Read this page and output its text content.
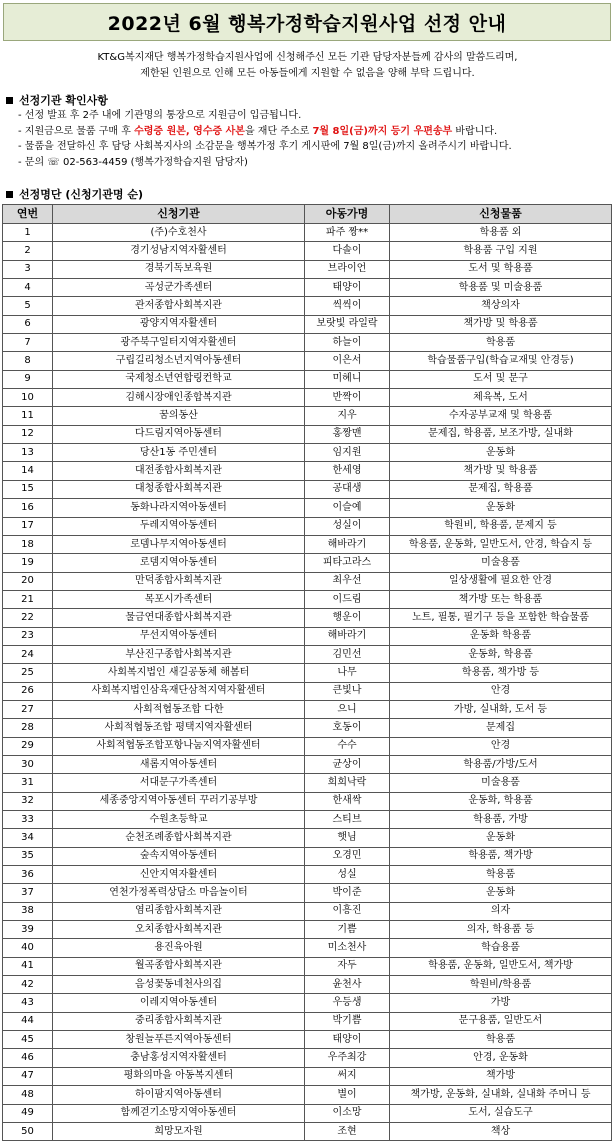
2022년 6월 행복가정학습지원사업 선정 안내
KT&G복지재단 행복가정학습지원사업에 신청해주신 모든 기관 담당자분들께 감사의 말씀드리며,
제한된 인원으로 인해 모든 아동들에게 지원할 수 없음을 양해 부탁 드립니다.
선정기관 확인사항
- 선정 발표 후 2주 내에 기관명의 통장으로 지원금이 입금됩니다.
- 지원금으로 물품 구매 후 수령증 원본, 영수증 사본을 재단 주소로 7월 8일(금)까지 등기 우편송부 바랍니다.
- 물품을 전달하신 후 담당 사회복지사의 소감문을 행복가정 후기 게시판에 7월 8일(금)까지 올려주시기 바랍니다.
- 문의 ☏ 02-563-4459 (행복가정학습지원 담당자)
선정명단 (신청기관명 순)
연번	신청기관	아동가명	신청물품
1	(주)수호천사	파주 짱**	학용품 외
2	경기성남지역자활센터	다솔이	학용품 구입 지원
3	경북기독보육원	브라이언	도서 및 학용품
4	곡성군가족센터	태양이	학용품 및 미술용품
5	관저종합사회복지관	씩씩이	책상의자
6	광양지역자활센터	보랏빛 라일락	책가방 및 학용품
7	광주북구일터지역자활센터	하늘이	학용품
8	구립길리청소년지역아동센터	이은서	학습물품구입(학습교재및 안경등)
9	국제청소년연합링컨학교	미혜니	도서 및 문구
10	김해시장애인종합복지관	반짝이	체육복, 도서
11	꿈의동산	지우	수자공부교재 및 학용품
12	다드림지역아동센터	홍짱맨	문제집, 학용품, 보조가방, 실내화
13	당산1동 주민센터	임지원	운동화
14	대전종합사회복지관	한세영	책가방 및 학용품
15	대청종합사회복지관	공대생	문제집, 학용품
16	동화나라지역아동센터	이슬예	운동화
17	두레지역아동센터	성실이	학원비, 학용품, 문제지 등
18	로뎀나무지역아동센터	해바라기	학용품, 운동화, 일반도서, 안경, 학습지 등
19	로뎀지역아동센터	피타고라스	미술용품
20	만덕종합사회복지관	최우선	일상생활에 필요한 안경
21	목포시가족센터	이드림	책가방 또는 학용품
22	물금연대종합사회복지관	행운이	노트, 필통, 필기구 등을 포함한 학습물품
23	무선지역아동센터	해바라기	운동화 학용품
24	부산진구종합사회복지관	김민선	운동화, 학용품
25	사회복지법인 새길공동체 해봄터	나무	학용품, 책가방 등
26	사회복지법인삼육재단삼척지역자활센터	큰빛나	안경
27	사회적협동조합 다한	으니	가방, 실내화, 도서 등
28	사회적협동조합 평택지역자활센터	호동이	문제집
29	사회적협동조합포항나눔지역자활센터	수수	안경
30	새롬지역아동센터	균상이	학용품/가방/도서
31	서대문구가족센터	희희낙락	미술용품
32	세종중앙지역아동센터 꾸러기공부방	한새싹	운동화, 학용품
33	수원초등학교	스티브	학용품, 가방
34	순천조례종합사회복지관	햇님	운동화
35	숲속지역아동센터	오경민	학용품, 책가방
36	신안지역자활센터	성실	학용품
37	연천가정폭력상담소 마음놀이터	박이준	운동화
38	염리종합사회복지관	이흥진	의자
39	오치종합사회복지관	기쁨	의자, 학용품 등
40	용진육아원	미소천사	학습용품
41	월곡종합사회복지관	자두	학용품, 운동화, 일반도서, 책가방
42	음성꽃동네천사의집	윤천사	학원비/학용품
43	이레지역아동센터	우등생	가방
44	중리종합사회복지관	박기쁨	문구용품, 일반도서
45	창원늘푸른지역아동센터	태양이	학용품
46	충남홍성지역자활센터	우주최강	안경, 운동화
47	평화의마을 아동복지센터	써지	책가방
48	하이팜지역아동센터	별이	책가방, 운동화, 실내화, 실내화 주머니 등
49	함께걷기소망지역아동센터	이소망	도서, 실습도구
50	희망모자원	조현	책상
